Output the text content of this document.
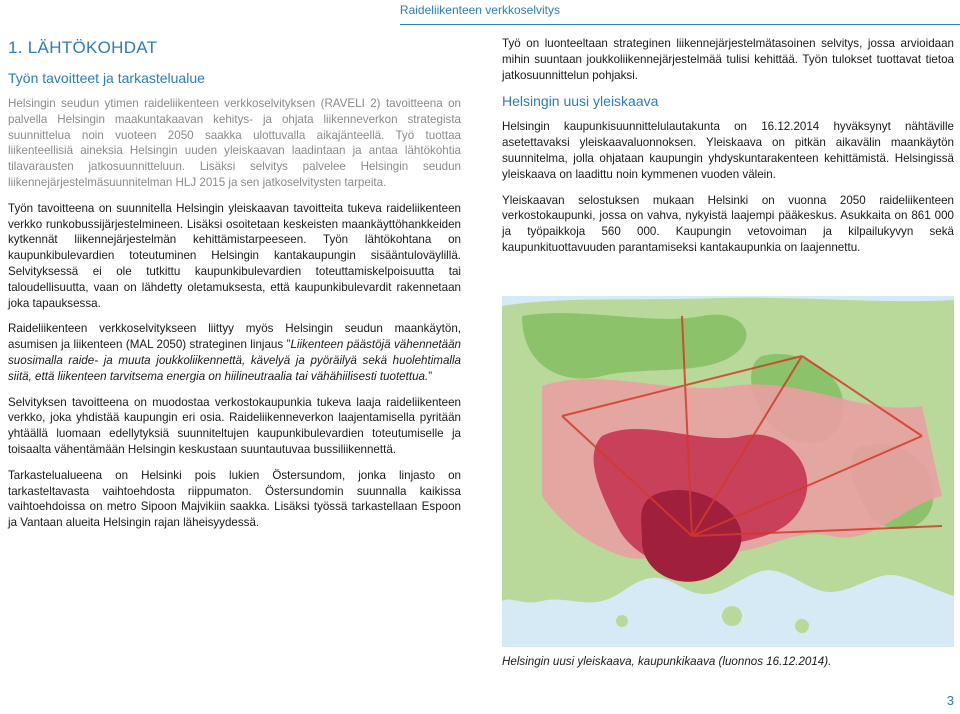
Raideliikenteen verkkoselvitys
1. LÄHTÖKOHDAT
Työn tavoitteet ja tarkastelualue

Helsingin seudun ytimen raideliikenteen verkkoselvityksen (RAVELI 2) tavoitteena on palvella Helsingin maakuntakaavan kehitys- ja ohjata liikenneverkon strategista suunnittelua noin vuoteen 2050 saakka ulottuvalla aikajänteellä. Työ tuottaa liikenteellisiä aineksia Helsingin uuden yleiskaavan laadintaan ja antaa lähtökohtia tilavarausten jatkosuunnitteluun. Lisäksi selvitys palvelee Helsingin seudun liikennejärjestelmäsuunnitelman HLJ 2015 ja sen jatkoselvitysten tarpeita.

Työn tavoitteena on suunnitella Helsingin yleiskaavan tavoitteita tukeva raideliikenteen verkko runkobussijärjestelmineen. Lisäksi osoitetaan keskeisten maankäyttöhankkeiden kytkennät liikennejärjestelmän kehittämistarpeeseen. Työn lähtökohtana on kaupunkibulevardien toteutuminen Helsingin kantakaupungin sisääntuloväylillä. Selvityksessä ei ole tutkittu kaupunkibulevardien toteuttamiskelpoisuutta tai taloudellisuutta, vaan on lähdetty oletamuksesta, että kaupunkibulevardit rakennetaan joka tapauksessa.

Raideliikenteen verkkoselvitykseen liittyy myös Helsingin seudun maankäytön, asumisen ja liikenteen (MAL 2050) strateginen linjaus ”Liikenteen päästöjä vähennetään suosimalla raide- ja muuta joukkoliikennettä, kävelyä ja pyöräilyä sekä huolehtimalla siitä, että liikenteen tarvitsema energia on hiilineutraalia tai vähähiilisesti tuotettua.”

Selvityksen tavoitteena on muodostaa verkostokaupunkia tukeva laaja raideliikenteen verkko, joka yhdistää kaupungin eri osia. Raideliikenneverkon laajentamisella pyritään yhtäällä luomaan edellytyksiä suunniteltujen kaupunkibulevardien toteutumiselle ja toisaalta vähentämään Helsingin keskustaan suuntautuvaa bussiliikennettä.

Tarkastelualueena on Helsinki pois lukien Östersundom, jonka linjasto on tarkasteltavasta vaihtoehdosta riippumaton. Östersundomin suunnalla kaikissa vaihtoehdoissa on metro Sipoon Majvikiin saakka. Lisäksi työssä tarkastellaan Espoon ja Vantaan alueita Helsingin rajan läheisyydessä.

Työ on luonteeltaan strateginen liikennejärjestelmätasoinen selvitys, jossa arvioidaan mihin suuntaan joukkoliikennejärjestelmää tulisi kehittää. Työn tulokset tuottavat tietoa jatkosuunnittelun pohjaksi.

Helsingin uusi yleiskaava

Helsingin kaupunkisuunnittelulautakunta on 16.12.2014 hyväksynyt nähtäville asetettavaksi yleiskaavaluonnoksen. Yleiskaava on pitkän aikavälin maankäytön suunnitelma, jolla ohjataan kaupungin yhdyskuntarakenteen kehittämistä. Helsingissä yleiskaava on laadittu noin kymmenen vuoden välein.

Yleiskaavan selostuksen mukaan Helsinki on vuonna 2050 raideliikenteen verkostokaupunki, jossa on vahva, nykyistä laajempi pääkeskus. Asukkaita on 861 000 ja työpaikkoja 560 000. Kaupungin vetovoiman ja kilpailukyvyn sekä kaupunkituottavuuden parantamiseksi kantakaupunkia on laajennettu.

Helsingin uusi yleiskaava, kaupunkikaava (luonnos 16.12.2014).
3
